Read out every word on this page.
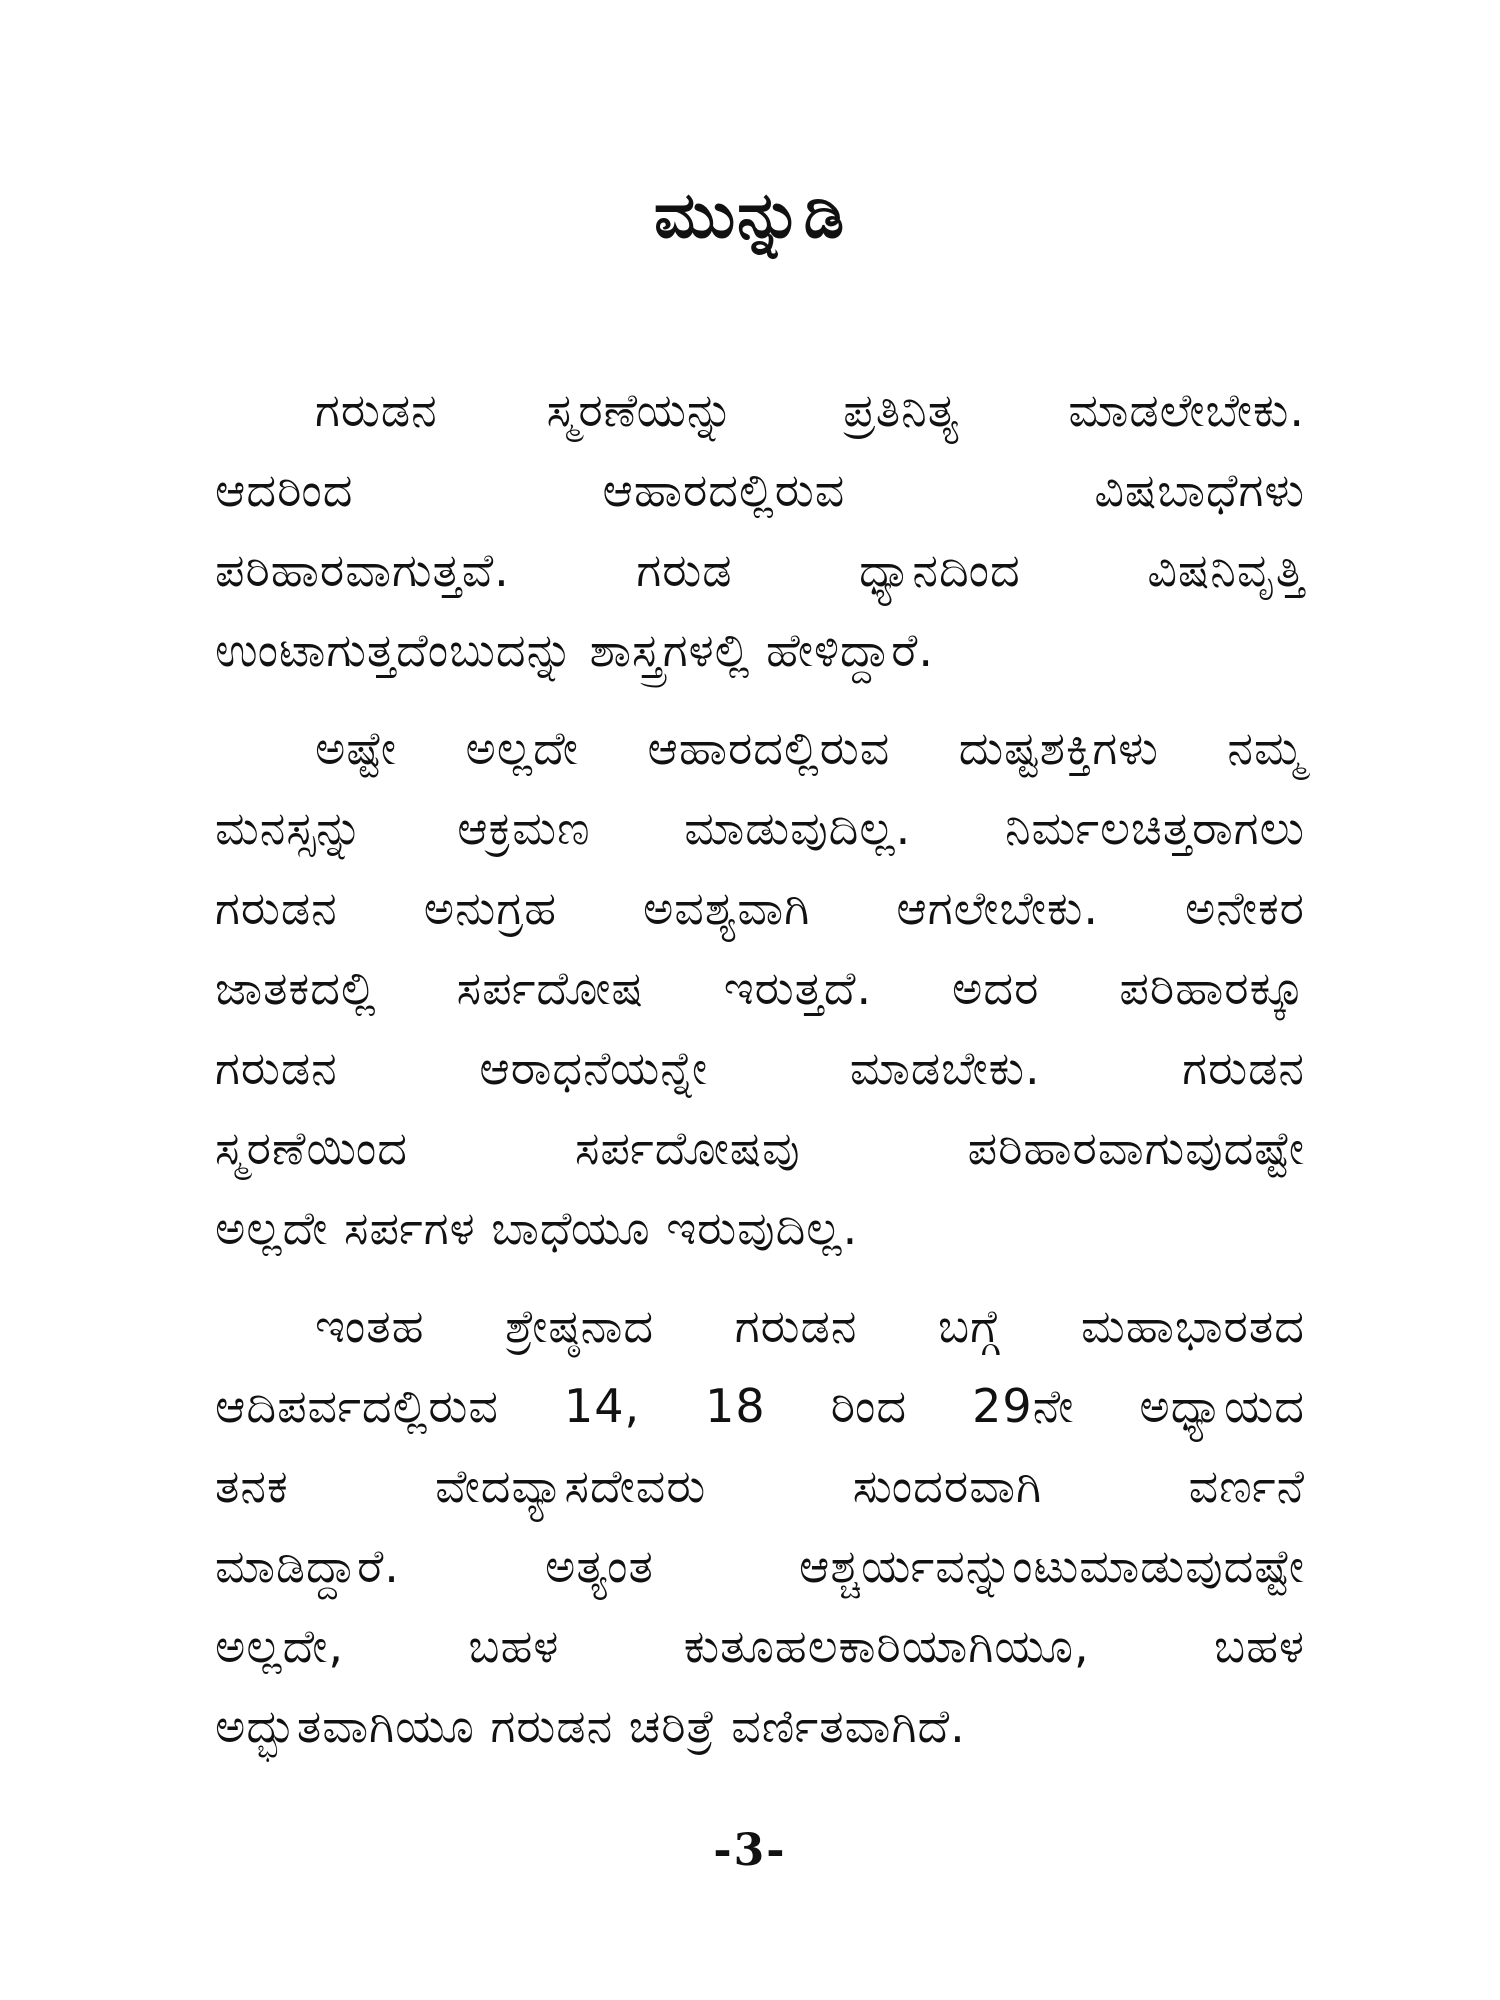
ಮುನ್ನುಡಿ
ಗರುಡನ ಸ್ಮರಣೆಯನ್ನು ಪ್ರತಿನಿತ್ಯ ಮಾಡಲೇಬೇಕು.
ಆದರಿಂದ ಆಹಾರದಲ್ಲಿರುವ ವಿಷಬಾಧೆಗಳು
ಪರಿಹಾರವಾಗುತ್ತವೆ. ಗರುಡ ಧ್ಯಾನದಿಂದ ವಿಷನಿವೃತ್ತಿ
ಉಂಟಾಗುತ್ತದೆಂಬುದನ್ನು ಶಾಸ್ತ್ರಗಳಲ್ಲಿ ಹೇಳಿದ್ದಾರೆ.
ಅಷ್ಟೇ ಅಲ್ಲದೇ ಆಹಾರದಲ್ಲಿರುವ ದುಷ್ಟಶಕ್ತಿಗಳು ನಮ್ಮ
ಮನಸ್ಸನ್ನು ಆಕ್ರಮಣ ಮಾಡುವುದಿಲ್ಲ. ನಿರ್ಮಲಚಿತ್ತರಾಗಲು
ಗರುಡನ ಅನುಗ್ರಹ ಅವಶ್ಯವಾಗಿ ಆಗಲೇಬೇಕು. ಅನೇಕರ
ಜಾತಕದಲ್ಲಿ ಸರ್ಪದೋಷ ಇರುತ್ತದೆ. ಅದರ ಪರಿಹಾರಕ್ಕೂ
ಗರುಡನ ಆರಾಧನೆಯನ್ನೇ ಮಾಡಬೇಕು. ಗರುಡನ
ಸ್ಮರಣೆಯಿಂದ ಸರ್ಪದೋಷವು ಪರಿಹಾರವಾಗುವುದಷ್ಟೇ
ಅಲ್ಲದೇ ಸರ್ಪಗಳ ಬಾಧೆಯೂ ಇರುವುದಿಲ್ಲ.
ಇಂತಹ ಶ್ರೇಷ್ಠನಾದ ಗರುಡನ ಬಗ್ಗೆ ಮಹಾಭಾರತದ
ಆದಿಪರ್ವದಲ್ಲಿರುವ 14, 18 ರಿಂದ 29ನೇ ಅಧ್ಯಾಯದ
ತನಕ ವೇದವ್ಯಾಸದೇವರು ಸುಂದರವಾಗಿ ವರ್ಣನೆ
ಮಾಡಿದ್ದಾರೆ. ಅತ್ಯಂತ ಆಶ್ಚರ್ಯವನ್ನುಂಟುಮಾಡುವುದಷ್ಟೇ
ಅಲ್ಲದೇ, ಬಹಳ ಕುತೂಹಲಕಾರಿಯಾಗಿಯೂ, ಬಹಳ
ಅದ್ಭುತವಾಗಿಯೂ ಗರುಡನ ಚರಿತ್ರೆ ವರ್ಣಿತವಾಗಿದೆ.
-3-
